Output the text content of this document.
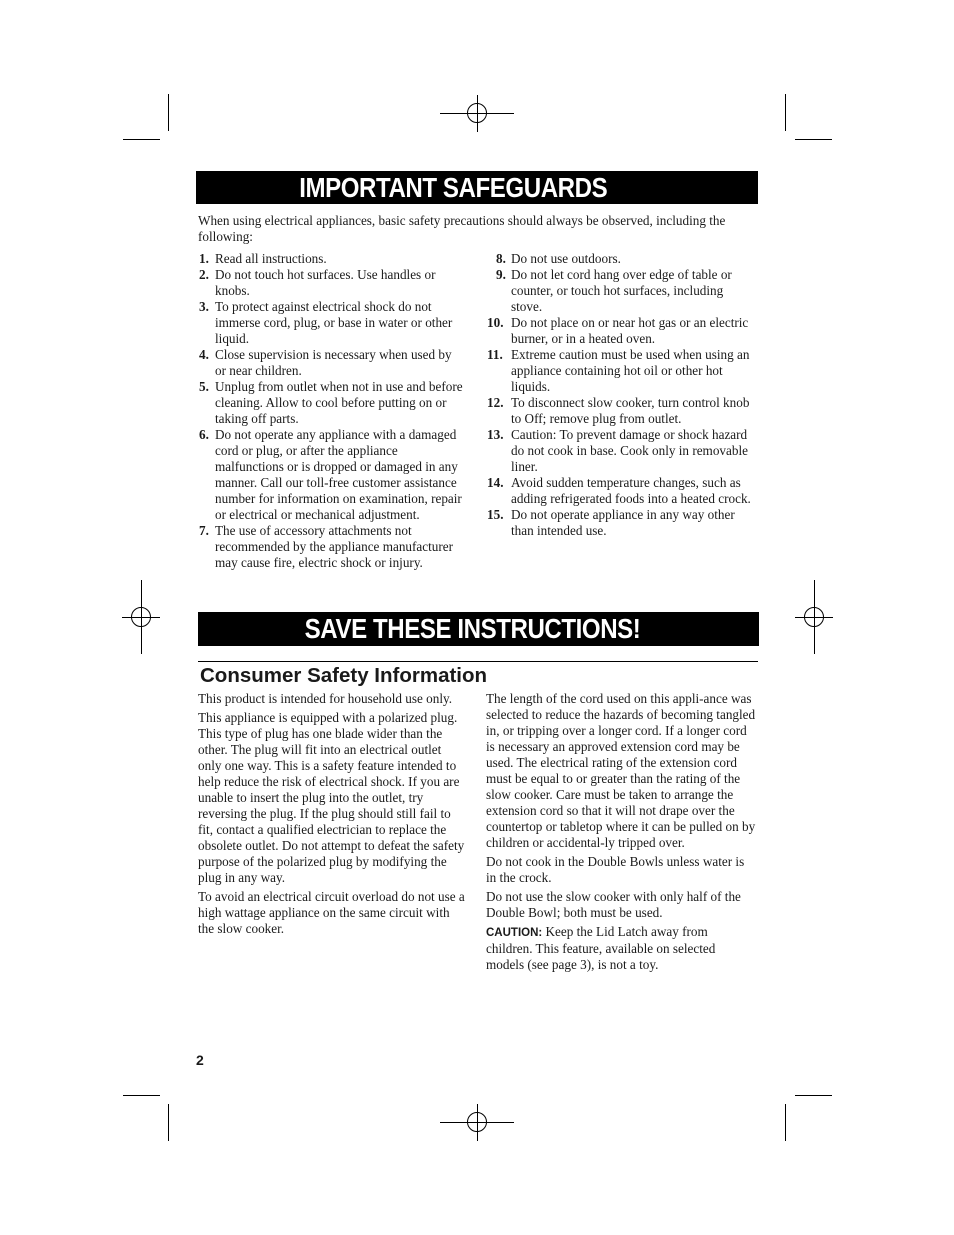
IMPORTANT SAFEGUARDS
When using electrical appliances, basic safety precautions should always be observed, including the following:
1. Read all instructions.
2. Do not touch hot surfaces. Use handles or knobs.
3. To protect against electrical shock do not immerse cord, plug, or base in water or other liquid.
4. Close supervision is necessary when used by or near children.
5. Unplug from outlet when not in use and before cleaning. Allow to cool before putting on or taking off parts.
6. Do not operate any appliance with a damaged cord or plug, or after the appliance malfunctions or is dropped or damaged in any manner. Call our toll-free customer assistance number for information on examination, repair or electrical or mechanical adjustment.
7. The use of accessory attachments not recommended by the appliance manufacturer may cause fire, electric shock or injury.
8. Do not use outdoors.
9. Do not let cord hang over edge of table or counter, or touch hot surfaces, including stove.
10. Do not place on or near hot gas or an electric burner, or in a heated oven.
11. Extreme caution must be used when using an appliance containing hot oil or other hot liquids.
12. To disconnect slow cooker, turn control knob to Off; remove plug from outlet.
13. Caution: To prevent damage or shock hazard do not cook in base. Cook only in removable liner.
14. Avoid sudden temperature changes, such as adding refrigerated foods into a heated crock.
15. Do not operate appliance in any way other than intended use.
SAVE THESE INSTRUCTIONS!
Consumer Safety Information

This product is intended for household use only.

This appliance is equipped with a polarized plug. This type of plug has one blade wider than the other. The plug will fit into an electrical outlet only one way. This is a safety feature intended to help reduce the risk of electrical shock. If you are unable to insert the plug into the outlet, try reversing the plug. If the plug should still fail to fit, contact a qualified electrician to replace the obsolete outlet. Do not attempt to defeat the safety purpose of the polarized plug by modifying the plug in any way.

To avoid an electrical circuit overload do not use a high wattage appliance on the same circuit with the slow cooker.

The length of the cord used on this appli-ance was selected to reduce the hazards of becoming tangled in, or tripping over a longer cord. If a longer cord is necessary an approved extension cord may be used. The electrical rating of the extension cord must be equal to or greater than the rating of the slow cooker. Care must be taken to arrange the extension cord so that it will not drape over the countertop or tabletop where it can be pulled on by children or accidental-ly tripped over.

Do not cook in the Double Bowls unless water is in the crock.

Do not use the slow cooker with only half of the Double Bowl; both must be used.

CAUTION: Keep the Lid Latch away from children. This feature, available on selected models (see page 3), is not a toy.

2
